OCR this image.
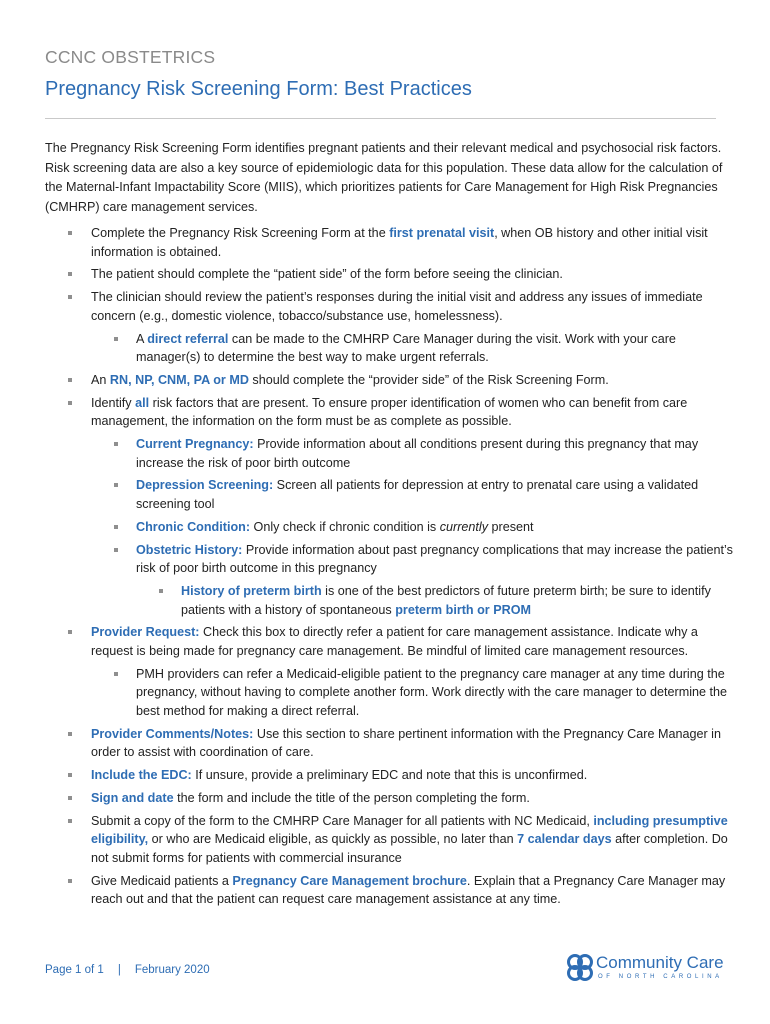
CCNC OBSTETRICS
Pregnancy Risk Screening Form: Best Practices

The Pregnancy Risk Screening Form identifies pregnant patients and their relevant medical and psychosocial risk factors. Risk screening data are also a key source of epidemiologic data for this population. These data allow for the calculation of the Maternal-Infant Impactability Score (MIIS), which prioritizes patients for Care Management for High Risk Pregnancies (CMHRP) care management services.

Complete the Pregnancy Risk Screening Form at the first prenatal visit, when OB history and other initial visit information is obtained.
The patient should complete the “patient side” of the form before seeing the clinician.
The clinician should review the patient’s responses during the initial visit and address any issues of immediate concern (e.g., domestic violence, tobacco/substance use, homelessness).
A direct referral can be made to the CMHRP Care Manager during the visit. Work with your care manager(s) to determine the best way to make urgent referrals.
An RN, NP, CNM, PA or MD should complete the “provider side” of the Risk Screening Form.
Identify all risk factors that are present. To ensure proper identification of women who can benefit from care management, the information on the form must be as complete as possible.
Current Pregnancy: Provide information about all conditions present during this pregnancy that may increase the risk of poor birth outcome
Depression Screening: Screen all patients for depression at entry to prenatal care using a validated screening tool
Chronic Condition: Only check if chronic condition is currently present
Obstetric History: Provide information about past pregnancy complications that may increase the patient’s risk of poor birth outcome in this pregnancy
History of preterm birth is one of the best predictors of future preterm birth; be sure to identify patients with a history of spontaneous preterm birth or PROM
Provider Request: Check this box to directly refer a patient for care management assistance. Indicate why a request is being made for pregnancy care management. Be mindful of limited care management resources.
PMH providers can refer a Medicaid-eligible patient to the pregnancy care manager at any time during the pregnancy, without having to complete another form. Work directly with the care manager to determine the best method for making a direct referral.
Provider Comments/Notes: Use this section to share pertinent information with the Pregnancy Care Manager in order to assist with coordination of care.
Include the EDC: If unsure, provide a preliminary EDC and note that this is unconfirmed.
Sign and date the form and include the title of the person completing the form.
Submit a copy of the form to the CMHRP Care Manager for all patients with NC Medicaid, including presumptive eligibility, or who are Medicaid eligible, as quickly as possible, no later than 7 calendar days after completion. Do not submit forms for patients with commercial insurance
Give Medicaid patients a Pregnancy Care Management brochure. Explain that a Pregnancy Care Manager may reach out and that the patient can request care management assistance at any time.
Page 1 of 1 | February 2020	Community Care
OF NORTH CAROLINA
